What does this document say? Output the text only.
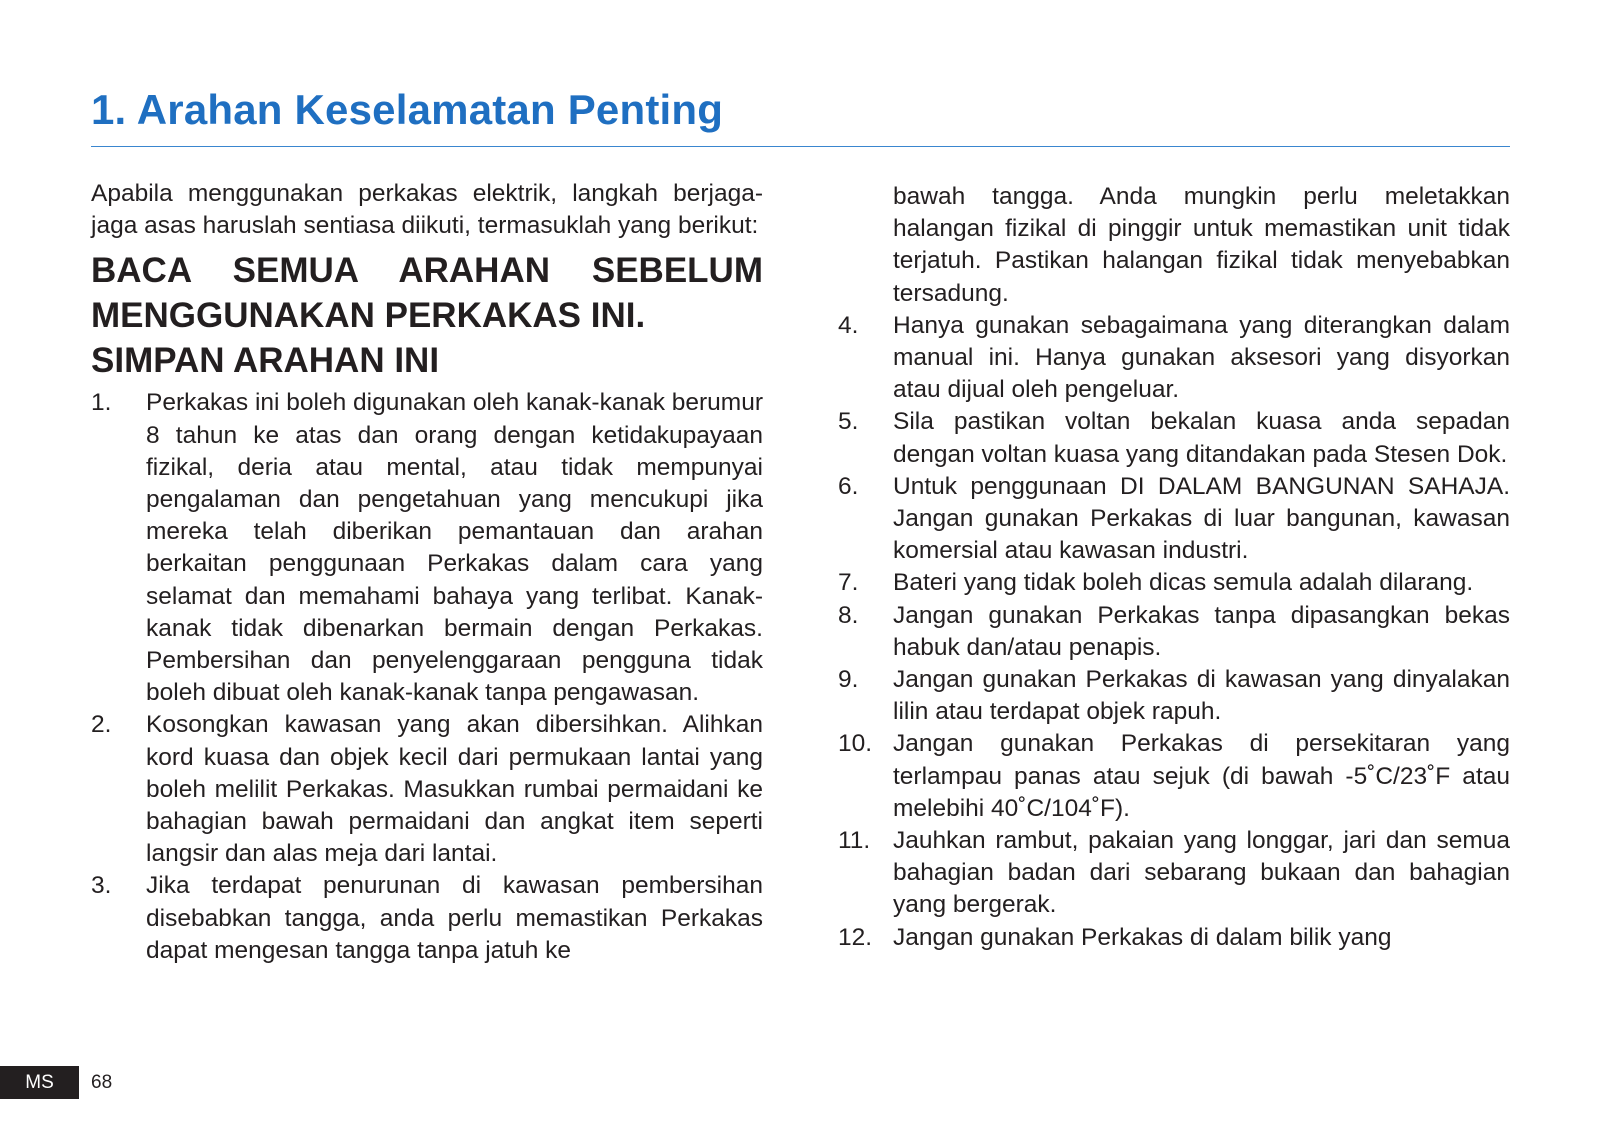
1. Arahan Keselamatan Penting

Apabila menggunakan perkakas elektrik, langkah berjaga-jaga asas haruslah sentiasa diikuti, termasuklah yang berikut:

BACA SEMUA ARAHAN SEBELUM
MENGGUNAKAN PERKAKAS INI.
SIMPAN ARAHAN INI
1. Perkakas ini boleh digunakan oleh kanak-kanak berumur 8 tahun ke atas dan orang dengan ketidakupayaan fizikal, deria atau mental, atau tidak mempunyai pengalaman dan pengetahuan yang mencukupi jika mereka telah diberikan pemantauan dan arahan berkaitan penggunaan Perkakas dalam cara yang selamat dan memahami bahaya yang terlibat. Kanak-kanak tidak dibenarkan bermain dengan Perkakas. Pembersihan dan penyelenggaraan pengguna tidak boleh dibuat oleh kanak-kanak tanpa pengawasan.
2. Kosongkan kawasan yang akan dibersihkan. Alihkan kord kuasa dan objek kecil dari permukaan lantai yang boleh melilit Perkakas. Masukkan rumbai permaidani ke bahagian bawah permaidani dan angkat item seperti langsir dan alas meja dari lantai.
3. Jika terdapat penurunan di kawasan pembersihan disebabkan tangga, anda perlu memastikan Perkakas dapat mengesan tangga tanpa jatuh ke

bawah tangga. Anda mungkin perlu meletakkan halangan fizikal di pinggir untuk memastikan unit tidak terjatuh. Pastikan halangan fizikal tidak menyebabkan tersadung.

4. Hanya gunakan sebagaimana yang diterangkan dalam manual ini. Hanya gunakan aksesori yang disyorkan atau dijual oleh pengeluar.
5. Sila pastikan voltan bekalan kuasa anda sepadan dengan voltan kuasa yang ditandakan pada Stesen Dok.
6. Untuk penggunaan DI DALAM BANGUNAN SAHAJA. Jangan gunakan Perkakas di luar bangunan, kawasan komersial atau kawasan industri.
7. Bateri yang tidak boleh dicas semula adalah dilarang.
8. Jangan gunakan Perkakas tanpa dipasangkan bekas habuk dan/atau penapis.
9. Jangan gunakan Perkakas di kawasan yang dinyalakan lilin atau terdapat objek rapuh.
10. Jangan gunakan Perkakas di persekitaran yang terlampau panas atau sejuk (di bawah -5˚C/23˚F atau melebihi 40˚C/104˚F).
11. Jauhkan rambut, pakaian yang longgar, jari dan semua bahagian badan dari sebarang bukaan dan bahagian yang bergerak.
12. Jangan gunakan Perkakas di dalam bilik yang
MS	68
